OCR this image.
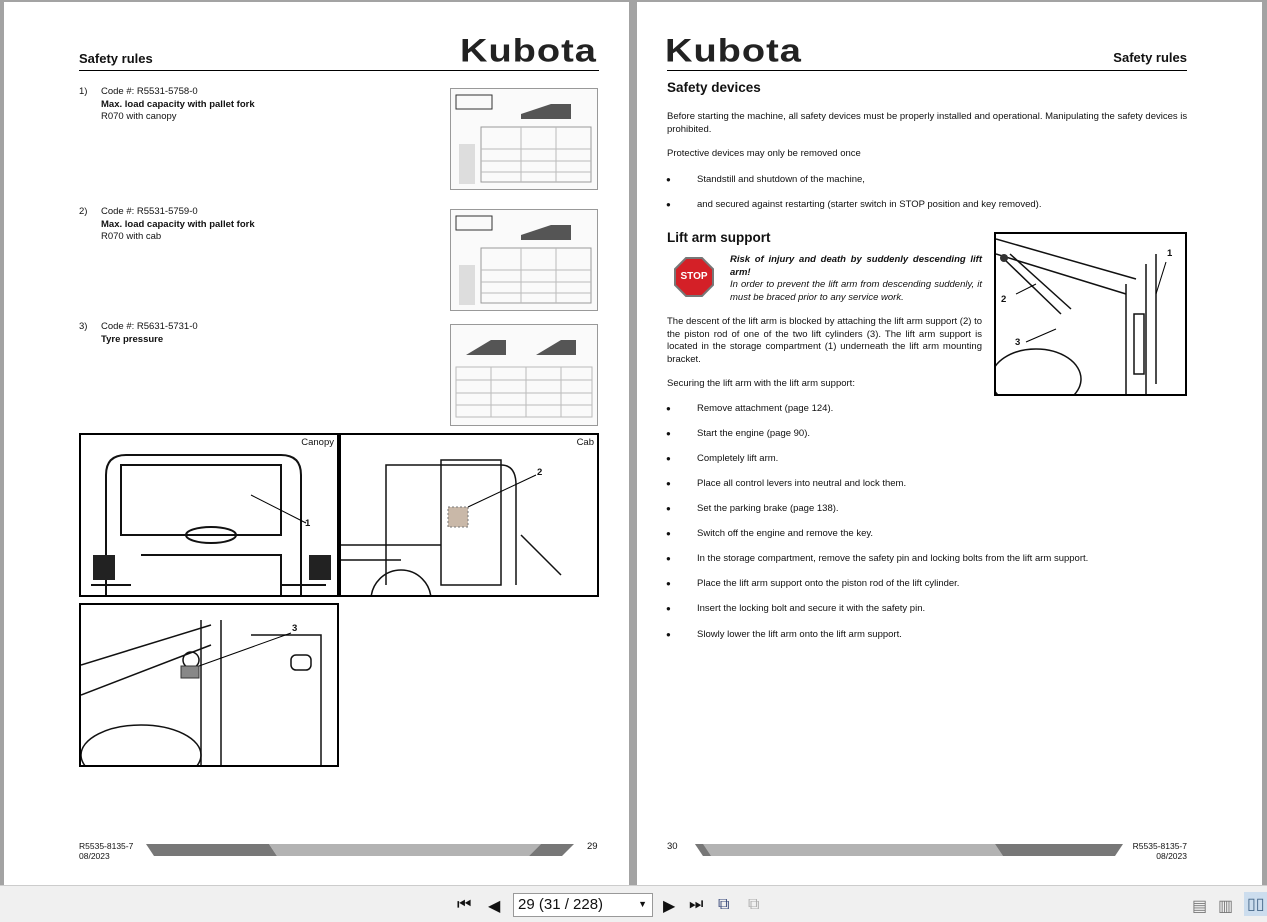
Safety rules	Kubota
1) Code #: R5531-5758-0
Max. load capacity with pallet fork
R070 with canopy
2) Code #: R5531-5759-0
Max. load capacity with pallet fork
R070 with cab
3) Code #: R5631-5731-0
Tyre pressure
Canopy
1
Cab
2
3
R5535-8135-7
08/2023
29
Kubota	Safety rules
Safety devices
Before starting the machine, all safety devices must be properly installed and operational. Manipulating the safety devices is prohibited.
Protective devices may only be removed once
● Standstill and shutdown of the machine,
● and secured against restarting (starter switch in STOP position and key removed).
Lift arm support
STOP
Risk of injury and death by suddenly descending lift arm!
In order to prevent the lift arm from descending suddenly, it must be braced prior to any service work.
The descent of the lift arm is blocked by attaching the lift arm support (2) to the piston rod of one of the two lift cylinders (3). The lift arm support is located in the storage compartment (1) underneath the lift arm mounting bracket.
Securing the lift arm with the lift arm support:
1
2
3
● Remove attachment (page 124).
● Start the engine (page 90).
● Completely lift arm.
● Place all control levers into neutral and lock them.
● Set the parking brake (page 138).
● Switch off the engine and remove the key.
● In the storage compartment, remove the safety pin and locking bolts from the lift arm support.
● Place the lift arm support onto the piston rod of the lift cylinder.
● Insert the locking bolt and secure it with the safety pin.
● Slowly lower the lift arm onto the lift arm support.
30	R5535-8135-7
08/2023
⏮ ◀	29 (31 / 228)	▼ ▶ ⏭ ⧉ ⧉	▤ ▥ ▯▯
